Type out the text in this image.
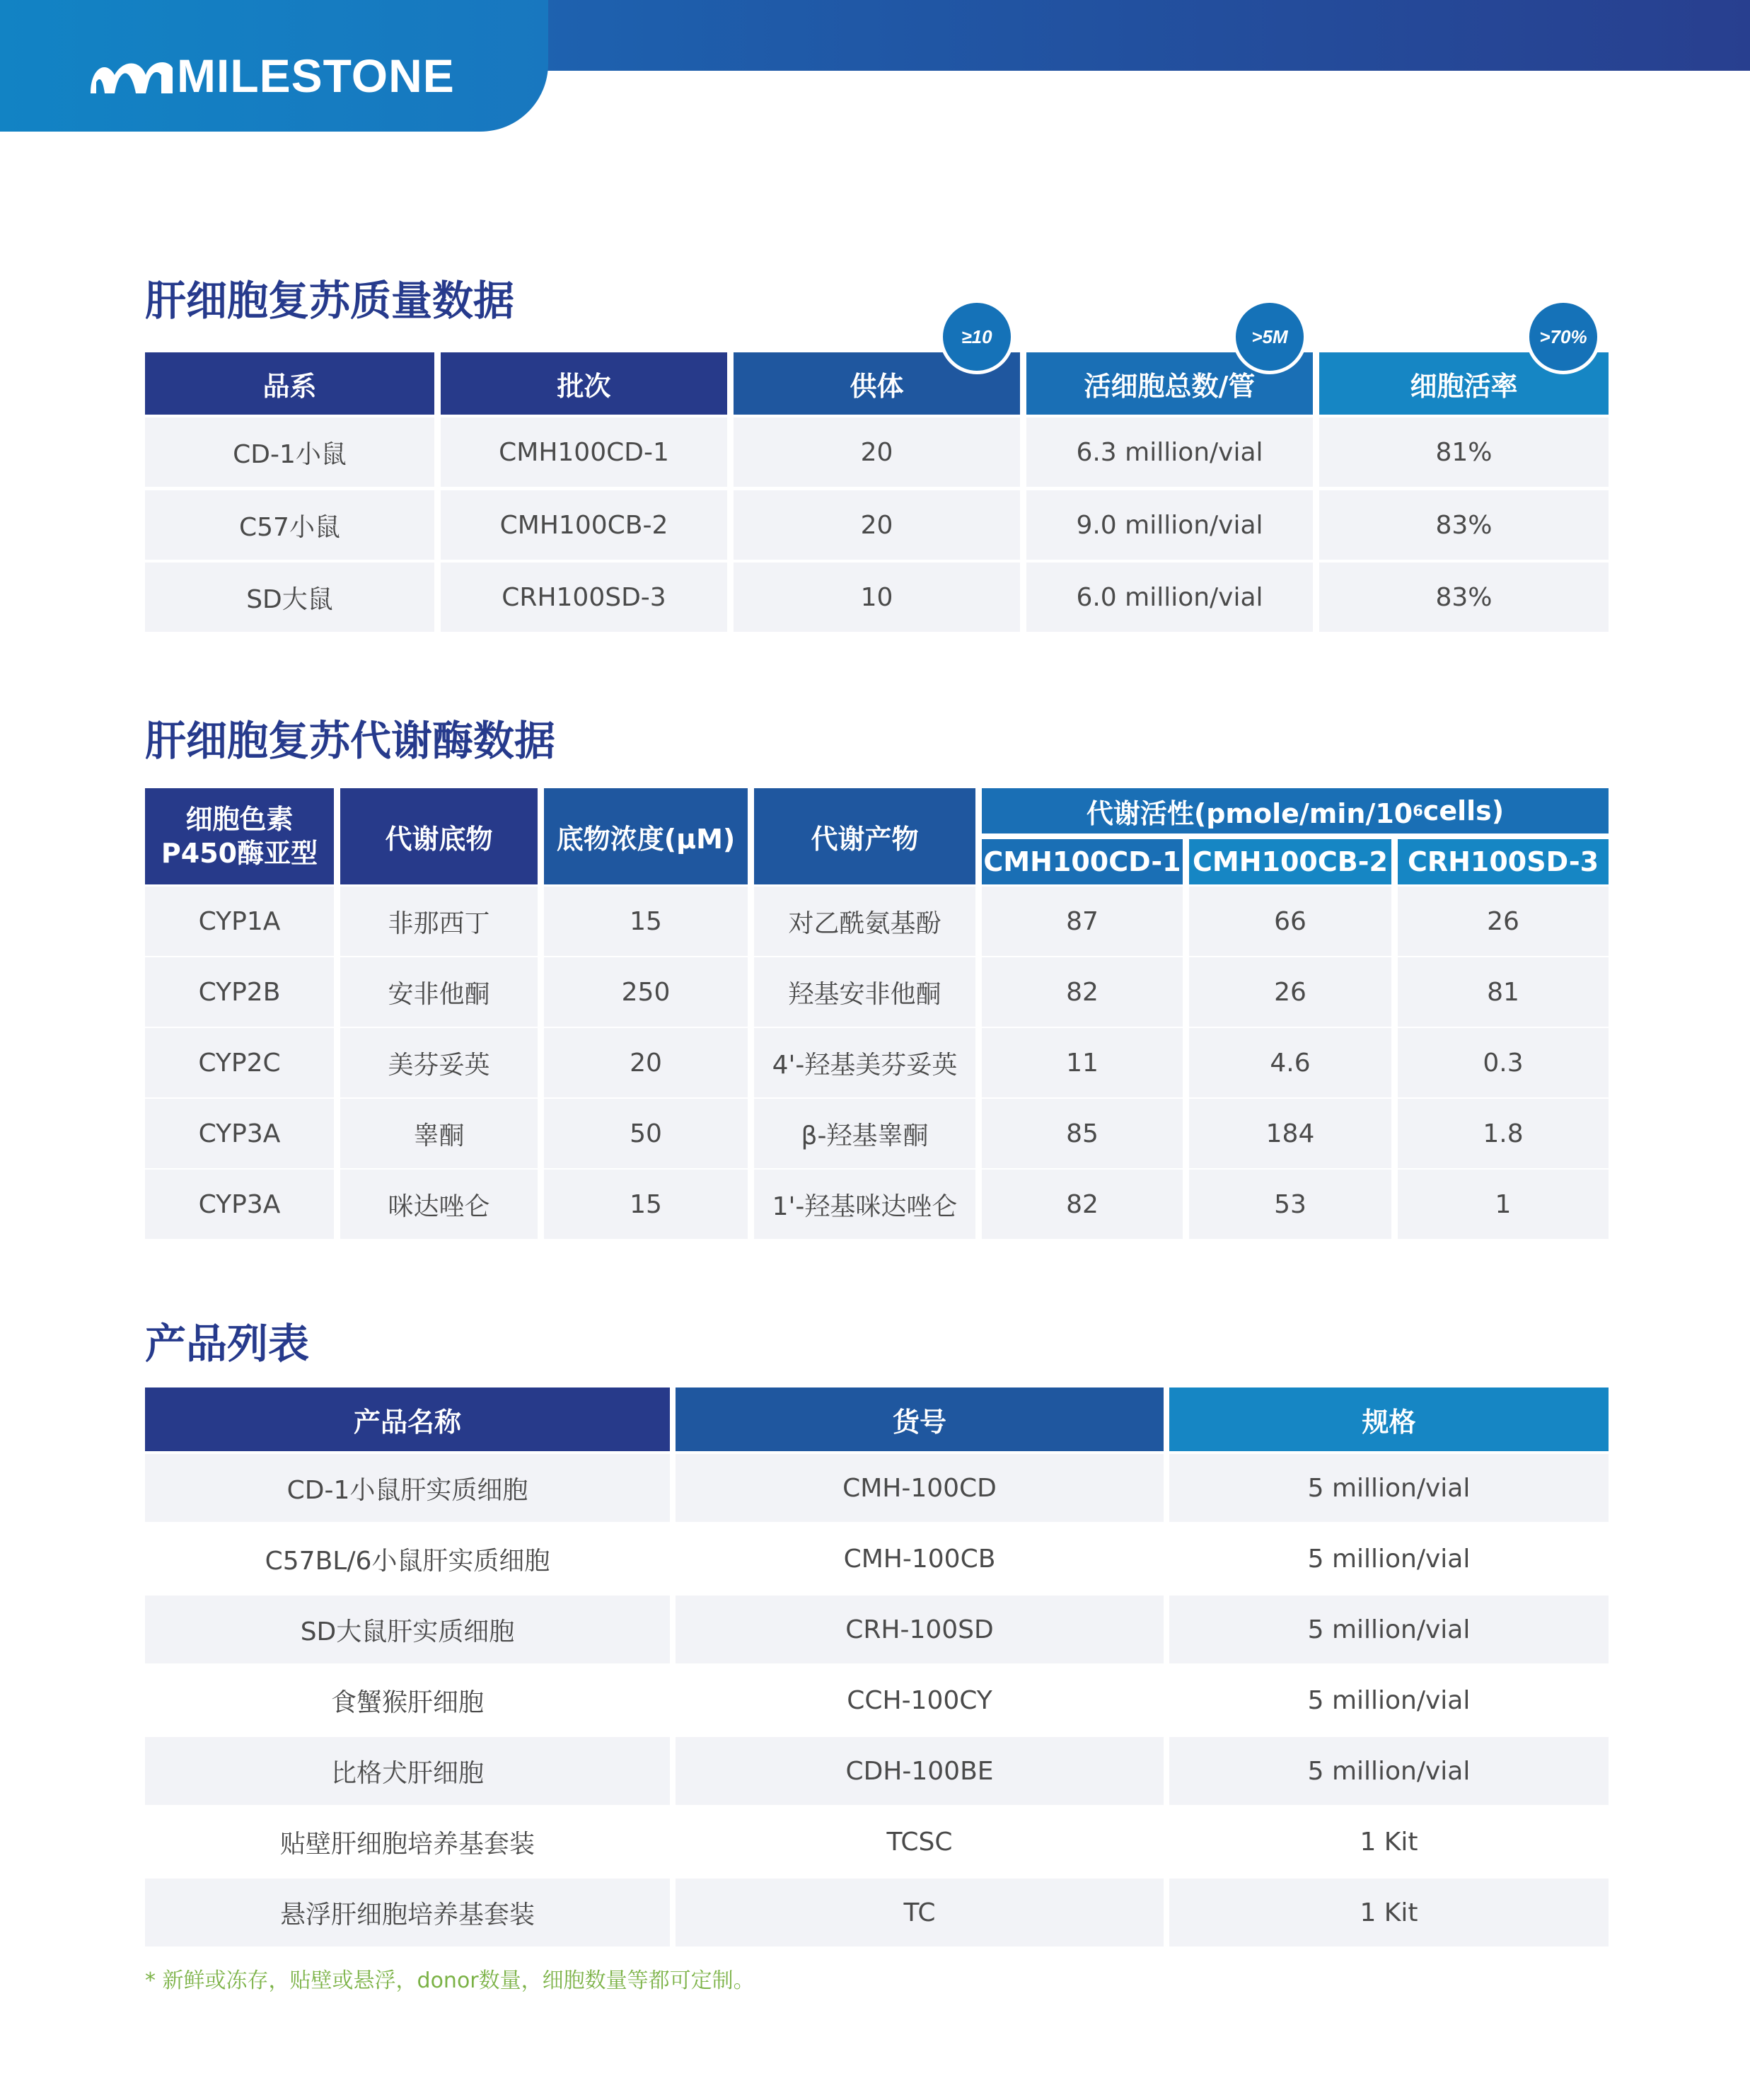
MILESTONE
肝细胞复苏质量数据
品系	批次	供体	活细胞总数/管	细胞活率
≥10	>5M	>70%
CD-1小鼠	CMH100CD-1	20	6.3 million/vial	81%
C57小鼠	CMH100CB-2	20	9.0 million/vial	83%
SD大鼠	CRH100SD-3	10	6.0 million/vial	83%
肝细胞复苏代谢酶数据
细胞色素
P450酶亚型	代谢底物	底物浓度(μM)	代谢产物
代谢活性(pmole/min/10 6 cells)
CMH100CD-1 CMH100CB-2 CRH100SD-3
CYP1A	非那西丁	15	对乙酰氨基酚	87	66	26
CYP2B	安非他酮	250	羟基安非他酮	82	26	81
CYP2C	美芬妥英	20	4'-羟基美芬妥英	11	4.6	0.3
CYP3A	睾酮	50	β-羟基睾酮	85	184	1.8
CYP3A	咪达唑仑	15	1'-羟基咪达唑仑	82	53	1
产品列表
产品名称	货号	规格
CD-1小鼠肝实质细胞	CMH-100CD	5 million/vial
C57BL/6小鼠肝实质细胞	CMH-100CB	5 million/vial
SD大鼠肝实质细胞	CRH-100SD	5 million/vial
食蟹猴肝细胞	CCH-100CY	5 million/vial
比格犬肝细胞	CDH-100BE	5 million/vial
贴壁肝细胞培养基套装	TCSC	1 Kit
悬浮肝细胞培养基套装	TC	1 Kit
* 新鲜或冻存，贴壁或悬浮，donor数量，细胞数量等都可定制。
